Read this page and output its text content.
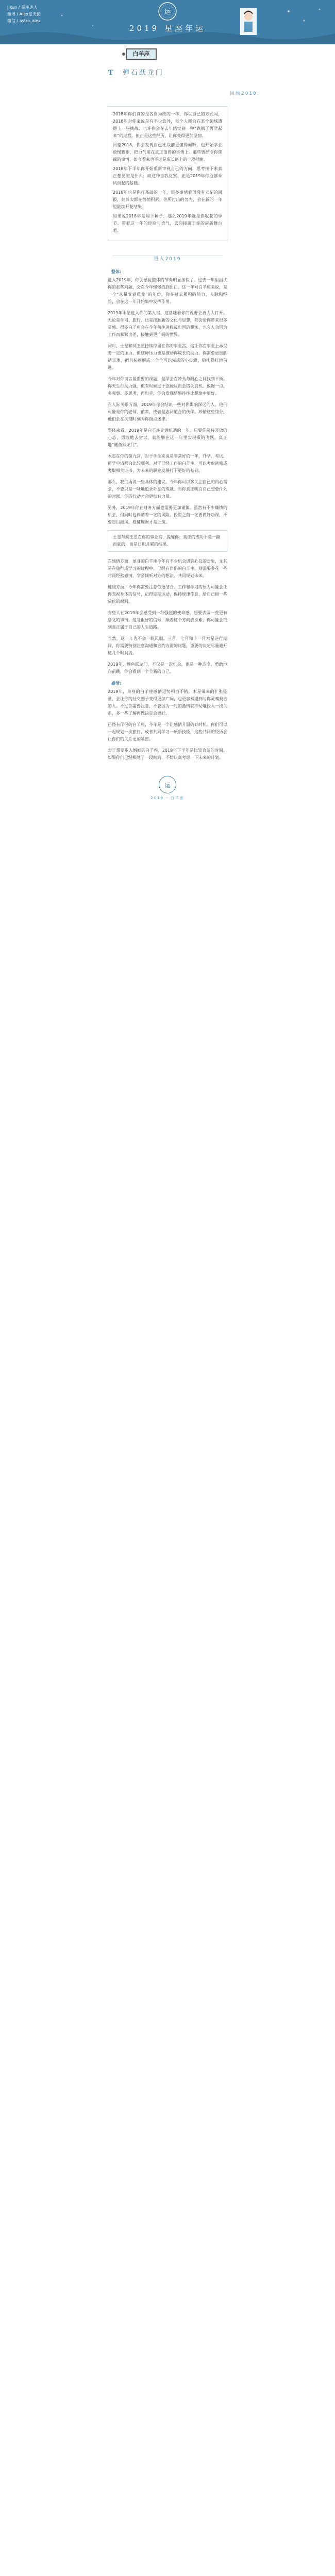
Jikun / 星座达人
微博 / Alex星天使
微信 / astro_alex
运
2019 星座年运
白羊座
T 弹石跃龙门
回顾2018:

2018年你们真的是各自为政的一年，你以自己的方式闯，2018年对你来说是有不少意外，每个人都会在某个领域遭遇上一些挑战，也许你会在去年感觉到一种“跌倒了再爬起来”的过程。但正是这些经历，让你变得更加坚韧。

回望2018，你会发现自己比以前更懂得倾听，也开始学会放慢脚步，把力气用在真正值得的事情上。那些曾经令你焦躁的事情，如今看来也不过是成长路上的一段插曲。

2018年下半年你开始重新审视自己的方向，思考接下来真正想要的是什么，而这种自我觉察，正是2019年你能够乘风而起的基础。

2018年也是你打基础的一年，很多事情看似没有立刻的回报，但其实都在悄悄积累。你所付出的努力，会在新的一年里陆续开花结果。

如果说2018年是埋下种子，那么2019年就是你收获的季节。带着这一年的经验与勇气，去迎接属于你的崭新舞台吧。

进入2019
整体:

进入2019年，你会感觉整体的节奏明显加快了。过去一年里困扰你的那些问题，会在今年慢慢找到出口。这一年对白羊座来说，是一个“从量变到质变”的年份，你在过去累积的能力、人脉和经验，会在这一年开始集中发挥作用。

2019年木星进入你的第九宫，这意味着你的视野会被大大打开。无论是学习、旅行、还是接触新的文化与思想，都会给你带来很多灵感。很多白羊座会在今年萌生进修或出国的想法，也有人会因为工作而频繁出差，接触到更广阔的世界。

同时，土星和冥王星持续停留在你的事业宫，这让你在事业上承受着一定的压力，但这种压力也是推动你成长的动力。你需要更加脚踏实地，把目标拆解成一个个可以完成的小步骤，稳扎稳打地前进。

今年对你而言最重要的课题，是学会在冲劲与耐心之间找到平衡。你天生行动力强，但有时候过于急躁反而会错失良机。放慢一点，多观察、多思考，再出手，你会发现结果往往比想象中更好。

在人际关系方面，2019年你会结识一些对你影响深远的人。他们可能是你的老师、前辈，或者是志同道合的伙伴。珍惜这些缘分，他们会在关键时刻为你指点迷津。

整体来看，2019年是白羊座充满机遇的一年。只要你保持开放的心态，勇敢地去尝试，就能够在这一年里实现质的飞跃，真正地“鲤鱼跃龙门”。

木星在你的第九宫，对于学生来说是非常好的一年，升学、考试、留学申请都会比较顺利。对于已经工作的白羊座，可以考虑进修或考取相关证书，为未来的职业发展打下更好的基础。

那么，我们再说一些具体的建议。今年你可以多关注自己的内心需求，不要只是一味地追求外在的成就。当你真正明白自己想要什么的时候，你的行动才会更加有力量。

另外，2019年你在财务方面也需要更加谨慎。虽然有不少赚钱的机会，但同时也伴随着一定的风险。投资之前一定要做好功课，不要盲目跟风，稳健理财才是上策。

土星与冥王星在你的事业宫，提醒你：真正的成功不是一蹴而就的，而是日积月累的结果。

在感情方面，单身的白羊座今年有不少机会遇到心仪的对象，尤其是在旅行或学习的过程中。已经有伴侣的白羊座，则需要多花一些时间经营感情，学会倾听对方的想法，共同规划未来。

健康方面，今年你需要注意劳逸结合。工作和学习的压力可能会让你忽视身体的信号，记得定期运动，保持规律作息，给自己留一些放松的时间。

有些人在2019年会感受到一种强烈的使命感，想要去做一些更有意义的事情。这是很好的信号，顺着这个方向去探索，你可能会找到真正属于自己的人生道路。

当然，这一年也不会一帆风顺。三月、七月和十一月水星逆行期间，你需要特别注意沟通和合约方面的问题，重要的决定尽量避开这几个时间段。

2019年，鲤鱼跃龙门，不仅是一次机会，更是一种态度。勇敢地向前跳，你会看到一个全新的自己。

感情:

2019年，单身的白羊座感情运势相当不错。木星带来的扩张能量，会让你的社交圈子变得更加广阔，也更容易遇到与你灵魂契合的人。不过你需要注意，不要因为一时的激情就冲动地投入一段关系，多一些了解再做决定会更好。

已经有伴侣的白羊座，今年是一个让感情升温的好时机。你们可以一起规划一次旅行，或者共同学习一项新技能，这些共同的经历会让你们的关系更加紧密。

对于想要步入婚姻的白羊座，2019年下半年是比较合适的时间。如果你们已经相处了一段时间，不妨认真考虑一下未来的计划。

运
2019 · 白羊座
